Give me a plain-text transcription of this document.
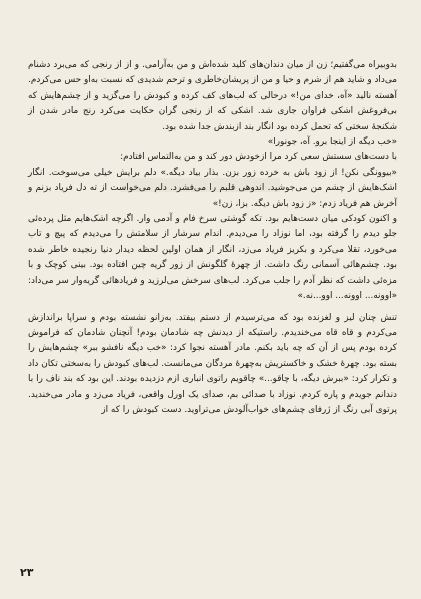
بدوبیراه می‌گفتیم؛ زن از میان دندان‌های کلید شده‌اش و من به‌آرامی. و از از رنجی که می‌برد دشنام می‌داد و شاید هم از شرم و حیا و من از پریشان‌خاطری و ترحم شدیدی که نسبت به‌او حس می‌کردم. آهسته نالید «آه، خدای من!» درحالی که لب‌های کف کرده و کبودش را می‌گزید و از چشم‌هایش که بی‌فروغش اشکی فراوان جاری شد. اشکی که از رنجی گران حکایت می‌کرد رنج مادر شدن از شکنجهٔ سختی که تحمل کرده بود انگار بند ازبندش جدا شده بود.

«خب دیگه از اینجا برو. آه، جونورا»

با دست‌های سستش سعی کرد مرا ازخودش دور کند و من به‌التماس افتادم:

«بیوونگی نکن! از زود باش به خرده زور بزن. بذار بیاد دیگه.» دلم برایش خیلی می‌سوخت. انگار اشک‌هایش از چشم من می‌جوشید. اندوهی قلبم را می‌فشرد. دلم می‌خواست از ته دل فریاد بزنم و آخرش هم فریاد زدم: «ز زود باش دیگه. بزا، زن!»

و اکنون کودکی میان دست‌هایم بود. تکه گوشتی سرخ فام و آدمی وار. اگرچه اشک‌هایم مثل پرده‌ئی جلو دیدم را گرفته بود، اما نوزاد را می‌دیدم. اندام سرشار از سلامتش را می‌دیدم که پیچ و تاب می‌خورد، تقلا می‌کرد و بکریز فریاد می‌زد، انگار از همان اولین لحظه دیدار دنیا رنجیده خاطر شده بود. چشم‌هائی آسمانی رنگ داشت. از چهرهٔ گلگونش از زور گریه چین افتاده بود. بینی کوچک و با مزه‌ئی داشت که نظر آدم را جلب می‌کرد. لب‌های سرخش می‌لرزید و فریادهائی گریه‌وار سر می‌داد: «اوونه... اوونه... اوو...نه.»

تنش چنان لیز و لغزنده بود که می‌ترسیدم از دستم بیفتد. به‌زانو نشسته بودم و سراپا براندازش می‌کردم و قاه قاه می‌خندیدم. راستیکه از دیدنش چه شادمان بودم! آنچنان شادمان که فراموش کرده بودم پس از آن که چه باید بکنم. مادر آهسته نجوا کرد: «خب دیگه نافشو ببر» چشم‌هایش را بسته بود. چهرهٔ خشک و خاکستریش به‌چهرهٔ مردگان می‌مانست. لب‌های کبودش را به‌سختی تکان داد و تکرار کرد: «ببرش دیگه، با چاقو...» چاقویم راتوی انباری ازم دزدیده بودند. این بود که بند ناف را با دندانم جویدم و پاره کردم. نوزاد با صدائی بم، صدای یک اورل واقعی، فریاد می‌زد و مادر می‌خندید. پرتوی آبی رنگ از ژرفای چشم‌های خواب‌آلودش می‌تراوید. دست کبودش را که از

۲۳
